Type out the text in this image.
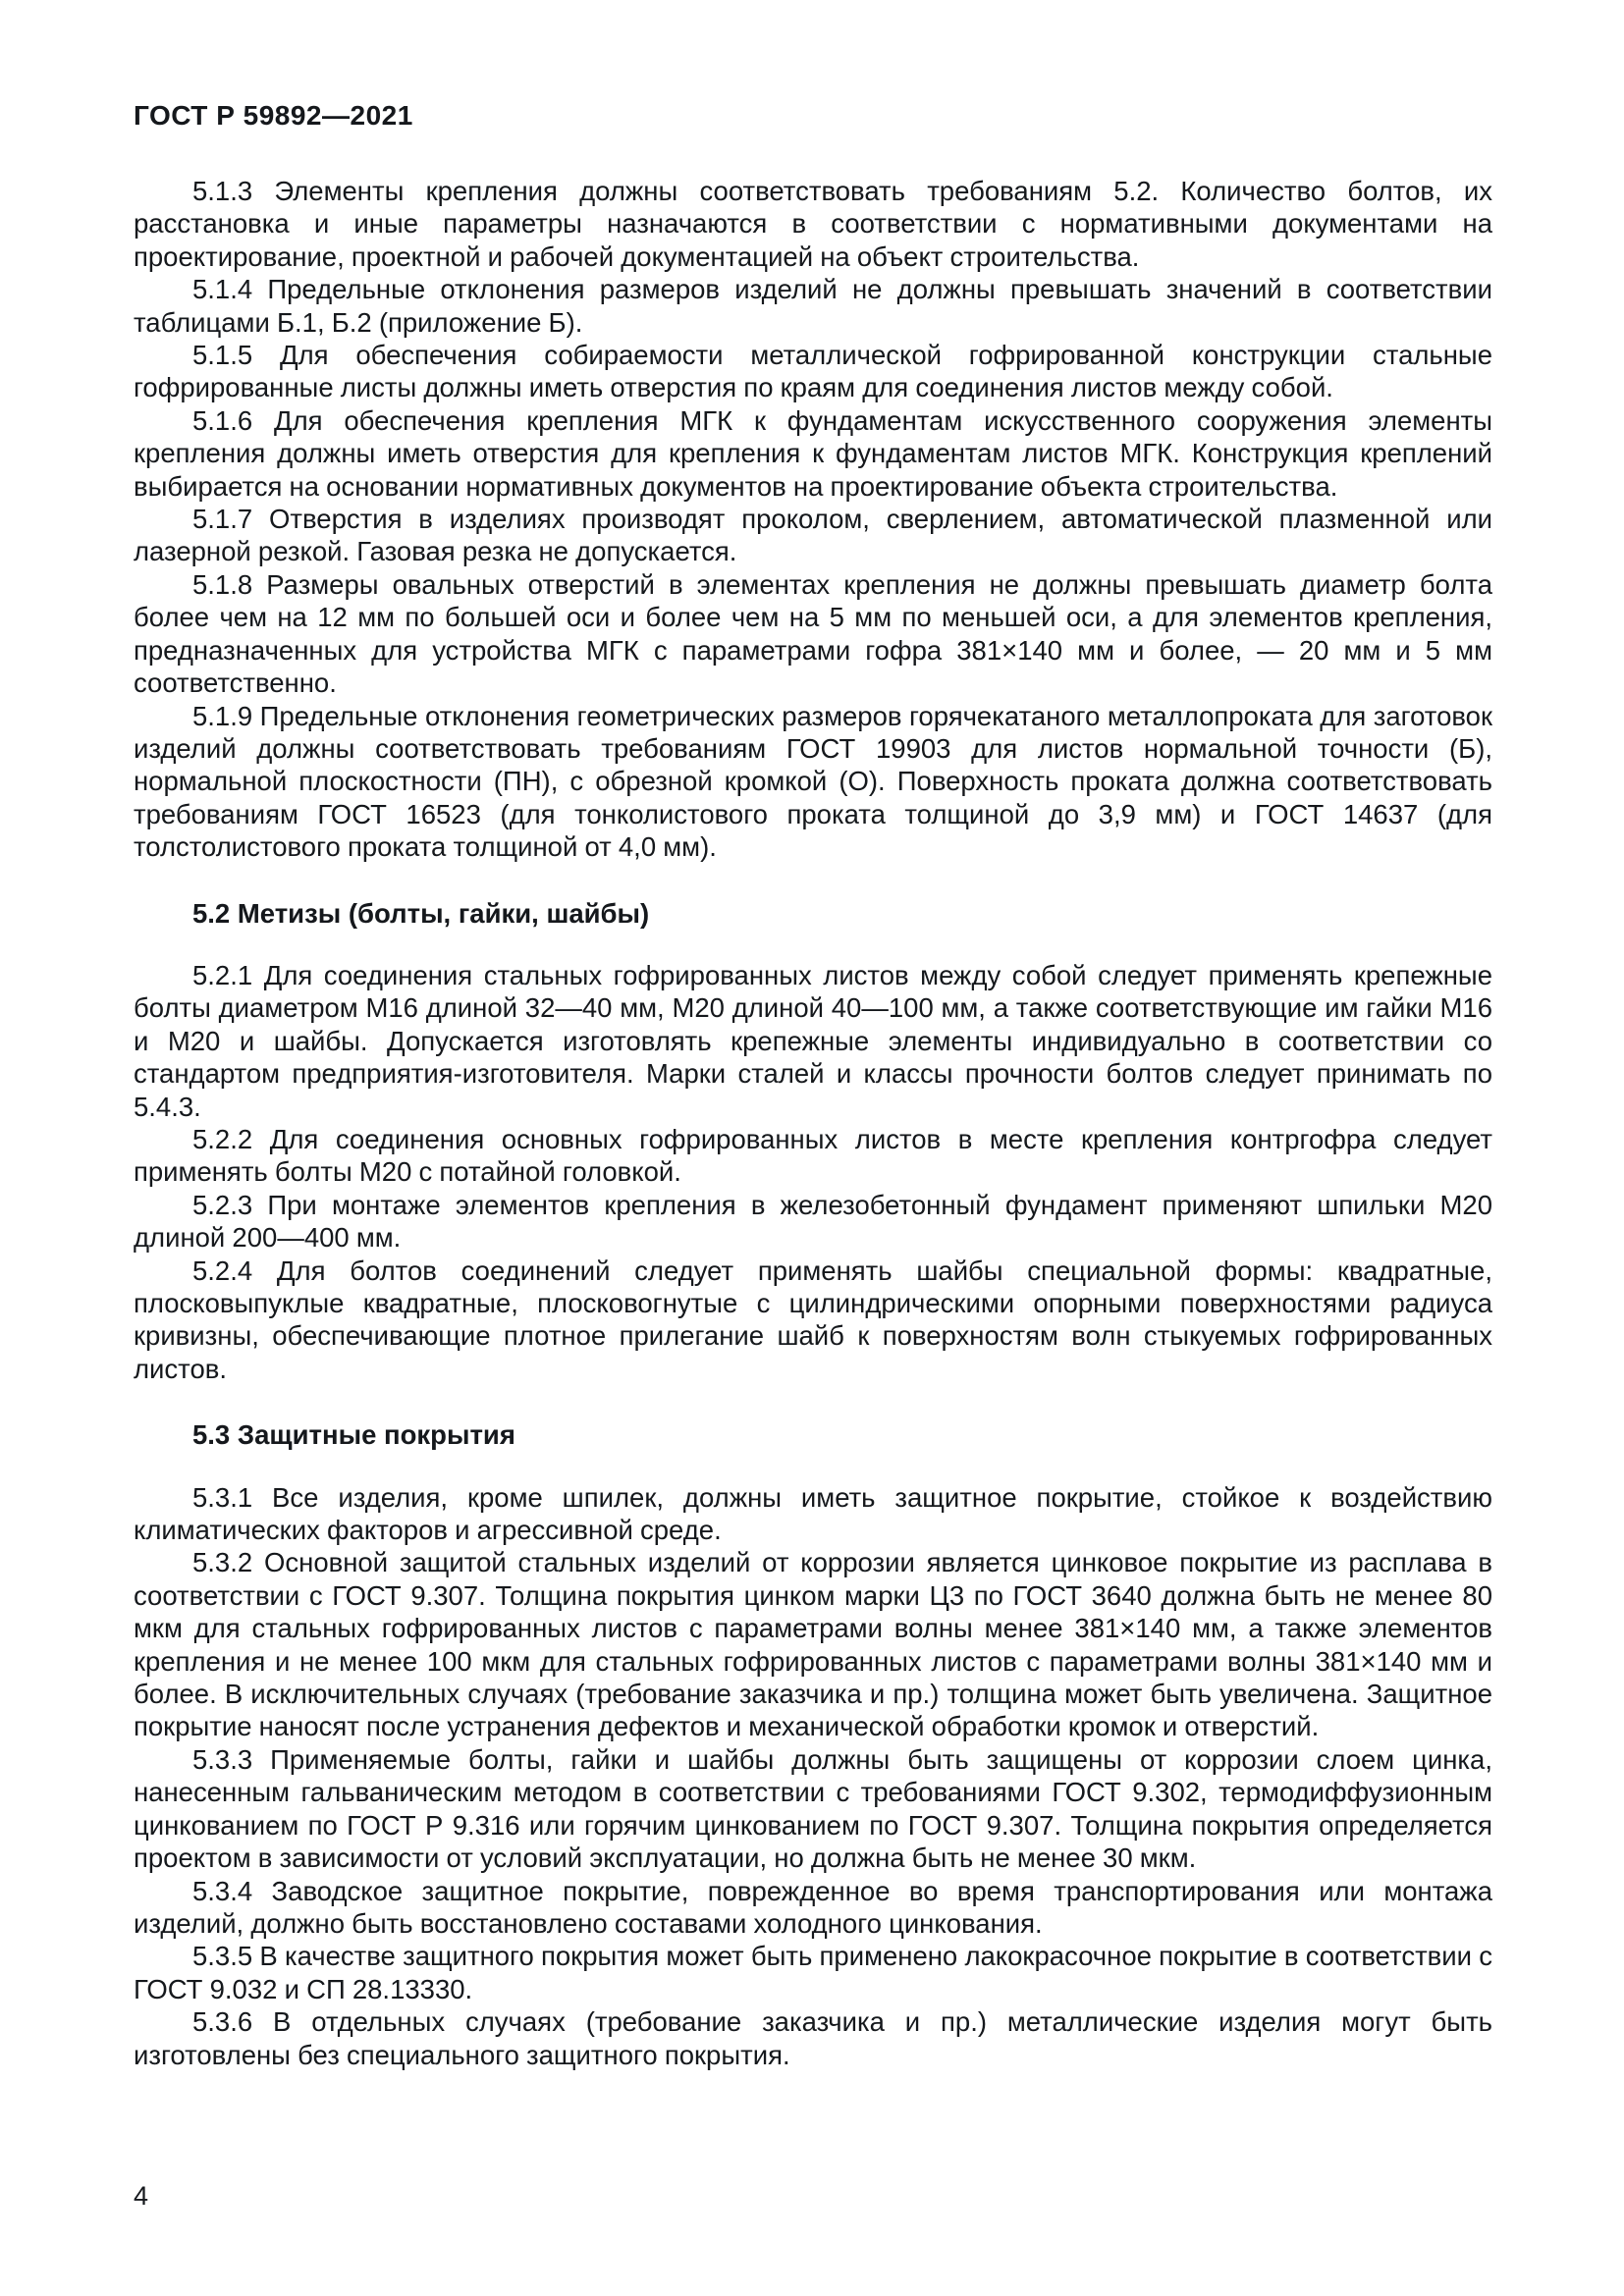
ГОСТ Р 59892—2021

5.1.3 Элементы крепления должны соответствовать требованиям 5.2. Количество болтов, их расстановка и иные параметры назначаются в соответствии с нормативными документами на проектирование, проектной и рабочей документацией на объект строительства.

5.1.4 Предельные отклонения размеров изделий не должны превышать значений в соответствии таблицами Б.1, Б.2 (приложение Б).

5.1.5 Для обеспечения собираемости металлической гофрированной конструкции стальные гофрированные листы должны иметь отверстия по краям для соединения листов между собой.

5.1.6 Для обеспечения крепления МГК к фундаментам искусственного сооружения элементы крепления должны иметь отверстия для крепления к фундаментам листов МГК. Конструкция креплений выбирается на основании нормативных документов на проектирование объекта строительства.

5.1.7 Отверстия в изделиях производят проколом, сверлением, автоматической плазменной или лазерной резкой. Газовая резка не допускается.

5.1.8 Размеры овальных отверстий в элементах крепления не должны превышать диаметр болта более чем на 12 мм по большей оси и более чем на 5 мм по меньшей оси, а для элементов крепления, предназначенных для устройства МГК с параметрами гофра 381×140 мм и более, — 20 мм и 5 мм соответственно.

5.1.9 Предельные отклонения геометрических размеров горячекатаного металлопроката для заготовок изделий должны соответствовать требованиям ГОСТ 19903 для листов нормальной точности (Б), нормальной плоскостности (ПН), с обрезной кромкой (О). Поверхность проката должна соответствовать требованиям ГОСТ 16523 (для тонколистового проката толщиной до 3,9 мм) и ГОСТ 14637 (для толстолистового проката толщиной от 4,0 мм).

5.2 Метизы (болты, гайки, шайбы)

5.2.1 Для соединения стальных гофрированных листов между собой следует применять крепежные болты диаметром М16 длиной 32—40 мм, М20 длиной 40—100 мм, а также соответствующие им гайки М16 и М20 и шайбы. Допускается изготовлять крепежные элементы индивидуально в соответствии со стандартом предприятия-изготовителя. Марки сталей и классы прочности болтов следует принимать по 5.4.3.

5.2.2 Для соединения основных гофрированных листов в месте крепления контргофра следует применять болты М20 с потайной головкой.

5.2.3 При монтаже элементов крепления в железобетонный фундамент применяют шпильки М20 длиной 200—400 мм.

5.2.4 Для болтов соединений следует применять шайбы специальной формы: квадратные, плосковыпуклые квадратные, плосковогнутые с цилиндрическими опорными поверхностями радиуса кривизны, обеспечивающие плотное прилегание шайб к поверхностям волн стыкуемых гофрированных листов.

5.3 Защитные покрытия

5.3.1 Все изделия, кроме шпилек, должны иметь защитное покрытие, стойкое к воздействию климатических факторов и агрессивной среде.

5.3.2 Основной защитой стальных изделий от коррозии является цинковое покрытие из расплава в соответствии с ГОСТ 9.307. Толщина покрытия цинком марки Ц3 по ГОСТ 3640 должна быть не менее 80 мкм для стальных гофрированных листов с параметрами волны менее 381×140 мм, а также элементов крепления и не менее 100 мкм для стальных гофрированных листов с параметрами волны 381×140 мм и более. В исключительных случаях (требование заказчика и пр.) толщина может быть увеличена. Защитное покрытие наносят после устранения дефектов и механической обработки кромок и отверстий.

5.3.3 Применяемые болты, гайки и шайбы должны быть защищены от коррозии слоем цинка, нанесенным гальваническим методом в соответствии с требованиями ГОСТ 9.302, термодиффузионным цинкованием по ГОСТ Р 9.316 или горячим цинкованием по ГОСТ 9.307. Толщина покрытия определяется проектом в зависимости от условий эксплуатации, но должна быть не менее 30 мкм.

5.3.4 Заводское защитное покрытие, поврежденное во время транспортирования или монтажа изделий, должно быть восстановлено составами холодного цинкования.

5.3.5 В качестве защитного покрытия может быть применено лакокрасочное покрытие в соответствии с ГОСТ 9.032 и СП 28.13330.

5.3.6 В отдельных случаях (требование заказчика и пр.) металлические изделия могут быть изготовлены без специального защитного покрытия.

4
